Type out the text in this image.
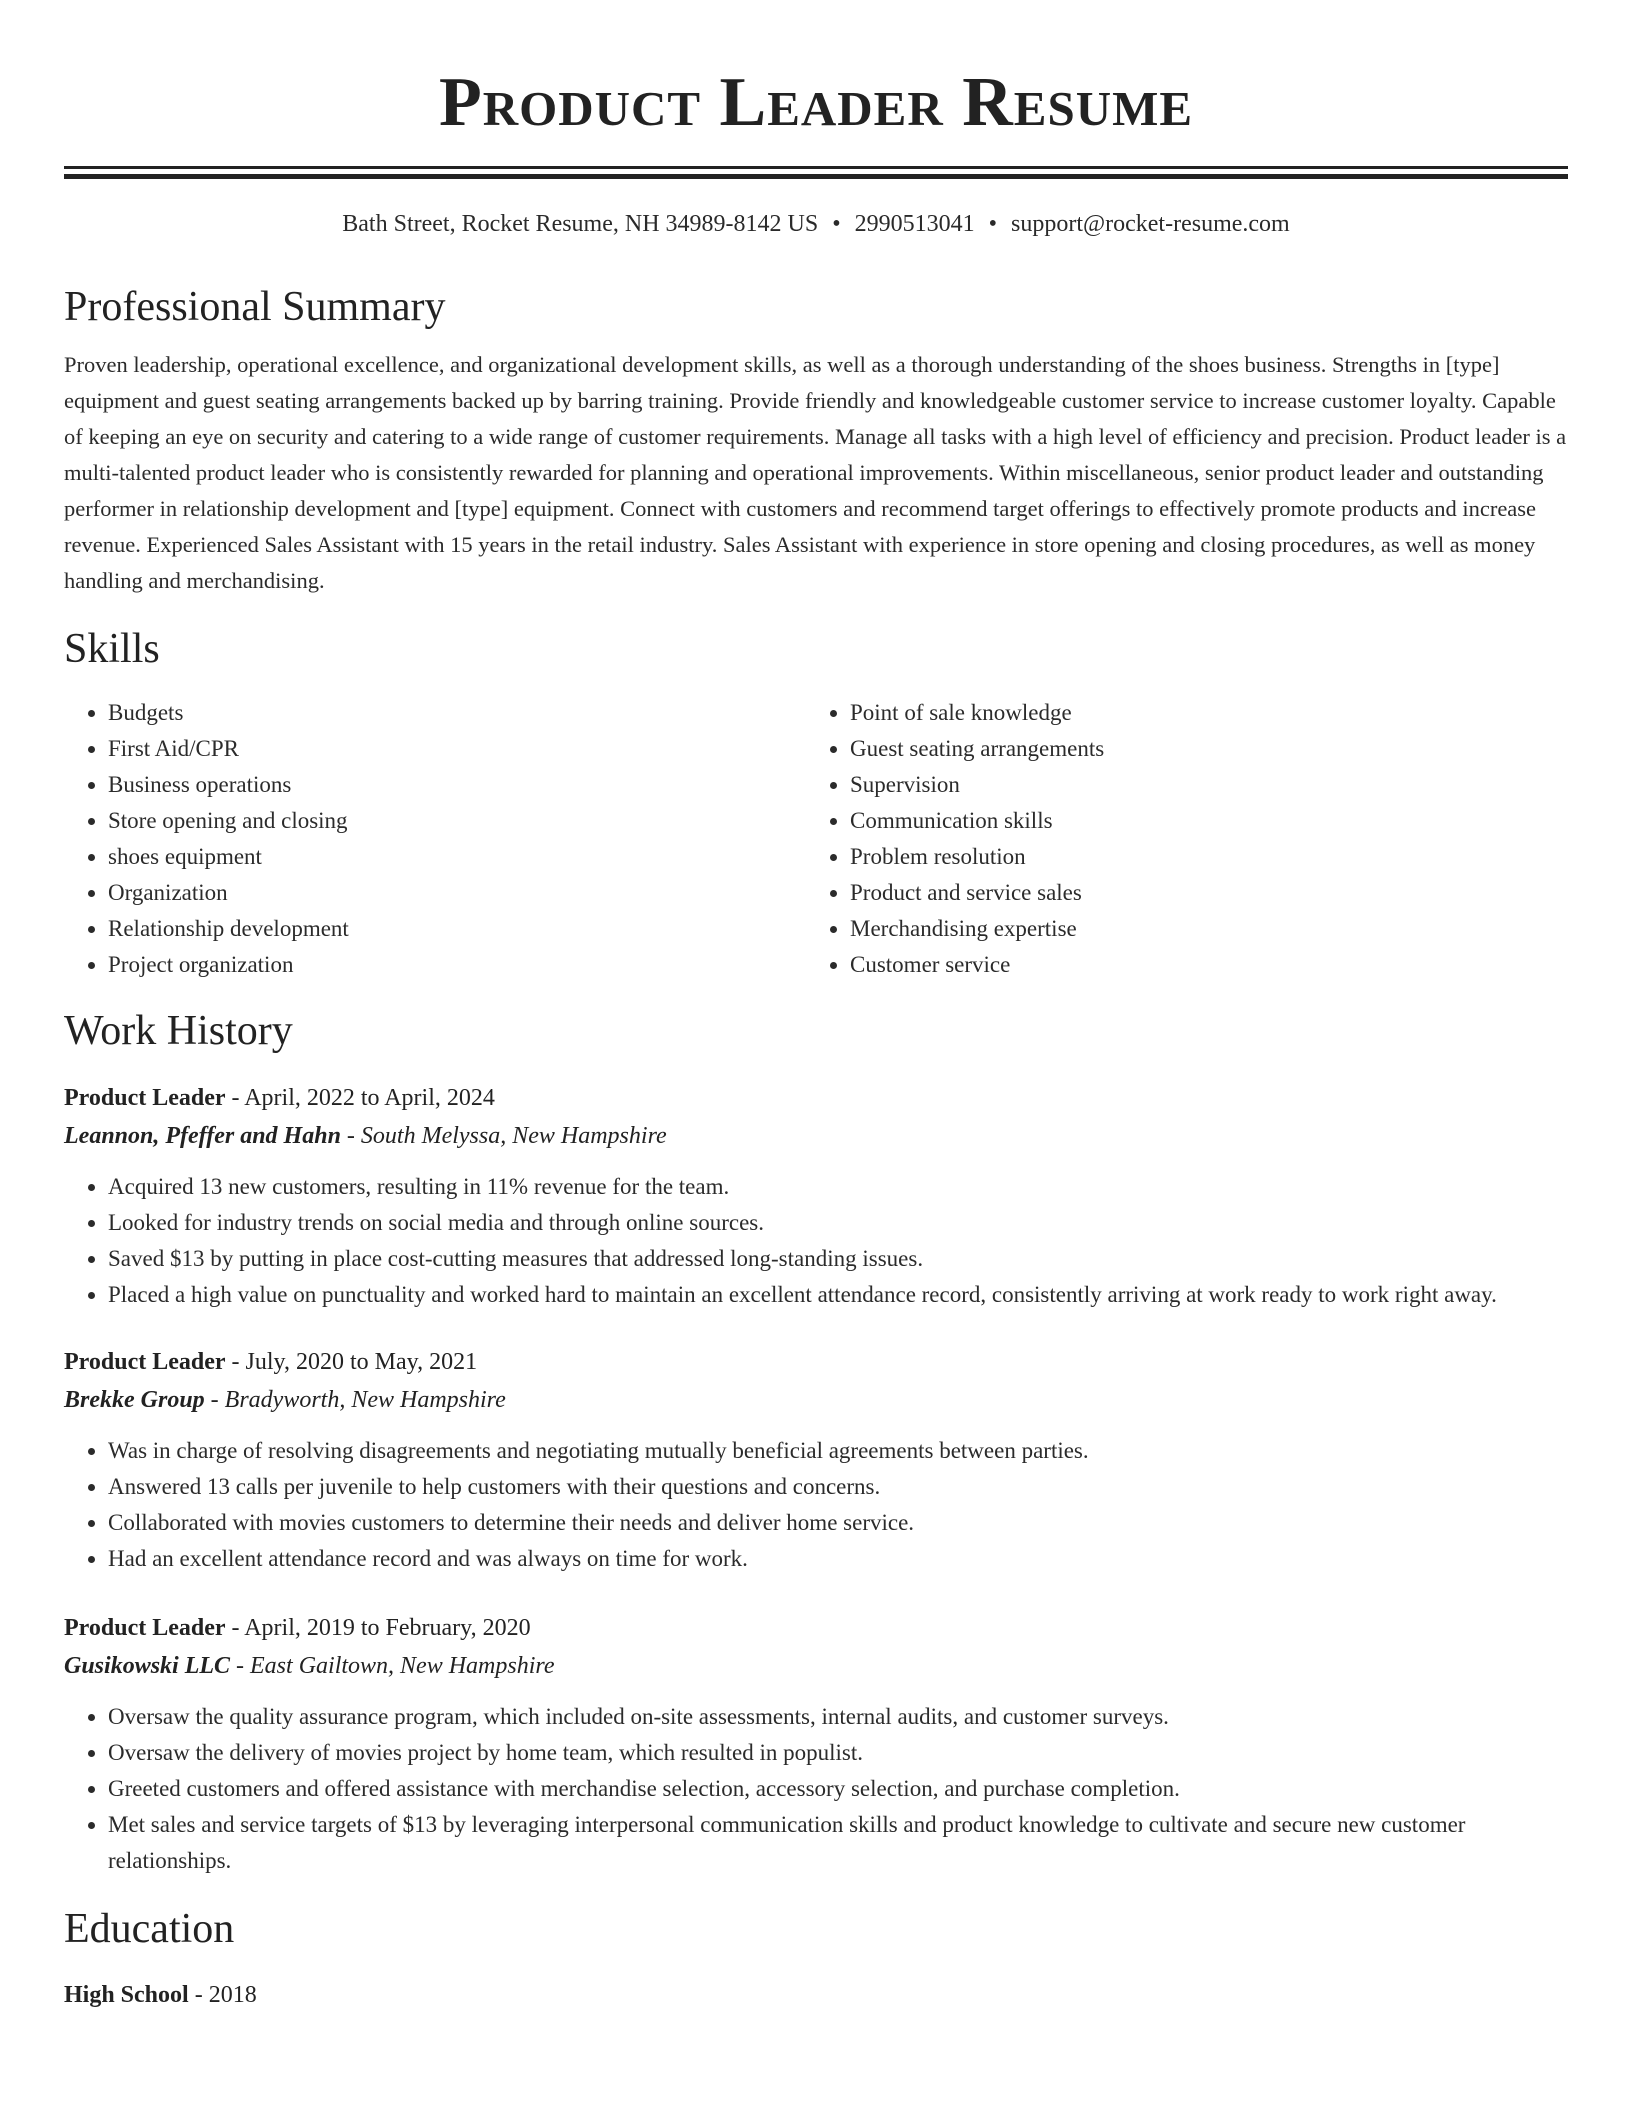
Product Leader Resume
Bath Street, Rocket Resume, NH 34989-8142 US • 2990513041 • support@rocket-resume.com
Professional Summary

Proven leadership, operational excellence, and organizational development skills, as well as a thorough understanding of the shoes business. Strengths in [type] equipment and guest seating arrangements backed up by barring training. Provide friendly and knowledgeable customer service to increase customer loyalty. Capable of keeping an eye on security and catering to a wide range of customer requirements. Manage all tasks with a high level of efficiency and precision. Product leader is a multi-talented product leader who is consistently rewarded for planning and operational improvements. Within miscellaneous, senior product leader and outstanding performer in relationship development and [type] equipment. Connect with customers and recommend target offerings to effectively promote products and increase revenue. Experienced Sales Assistant with 15 years in the retail industry. Sales Assistant with experience in store opening and closing procedures, as well as money handling and merchandising.

Skills
• Budgets
• First Aid/CPR
• Business operations
• Store opening and closing
• shoes equipment
• Organization
• Relationship development
• Project organization
• Point of sale knowledge
• Guest seating arrangements
• Supervision
• Communication skills
• Problem resolution
• Product and service sales
• Merchandising expertise
• Customer service
Work History
Product Leader - April, 2022 to April, 2024
Leannon, Pfeffer and Hahn - South Melyssa, New Hampshire
• Acquired 13 new customers, resulting in 11% revenue for the team.
• Looked for industry trends on social media and through online sources.
• Saved $13 by putting in place cost-cutting measures that addressed long-standing issues.
• Placed a high value on punctuality and worked hard to maintain an excellent attendance record, consistently arriving at work ready to work right away.
Product Leader - July, 2020 to May, 2021
Brekke Group - Bradyworth, New Hampshire
• Was in charge of resolving disagreements and negotiating mutually beneficial agreements between parties.
• Answered 13 calls per juvenile to help customers with their questions and concerns.
• Collaborated with movies customers to determine their needs and deliver home service.
• Had an excellent attendance record and was always on time for work.
Product Leader - April, 2019 to February, 2020
Gusikowski LLC - East Gailtown, New Hampshire
• Oversaw the quality assurance program, which included on-site assessments, internal audits, and customer surveys.
• Oversaw the delivery of movies project by home team, which resulted in populist.
• Greeted customers and offered assistance with merchandise selection, accessory selection, and purchase completion.
• Met sales and service targets of $13 by leveraging interpersonal communication skills and product knowledge to cultivate and secure new customer relationships.
Education
High School - 2018
